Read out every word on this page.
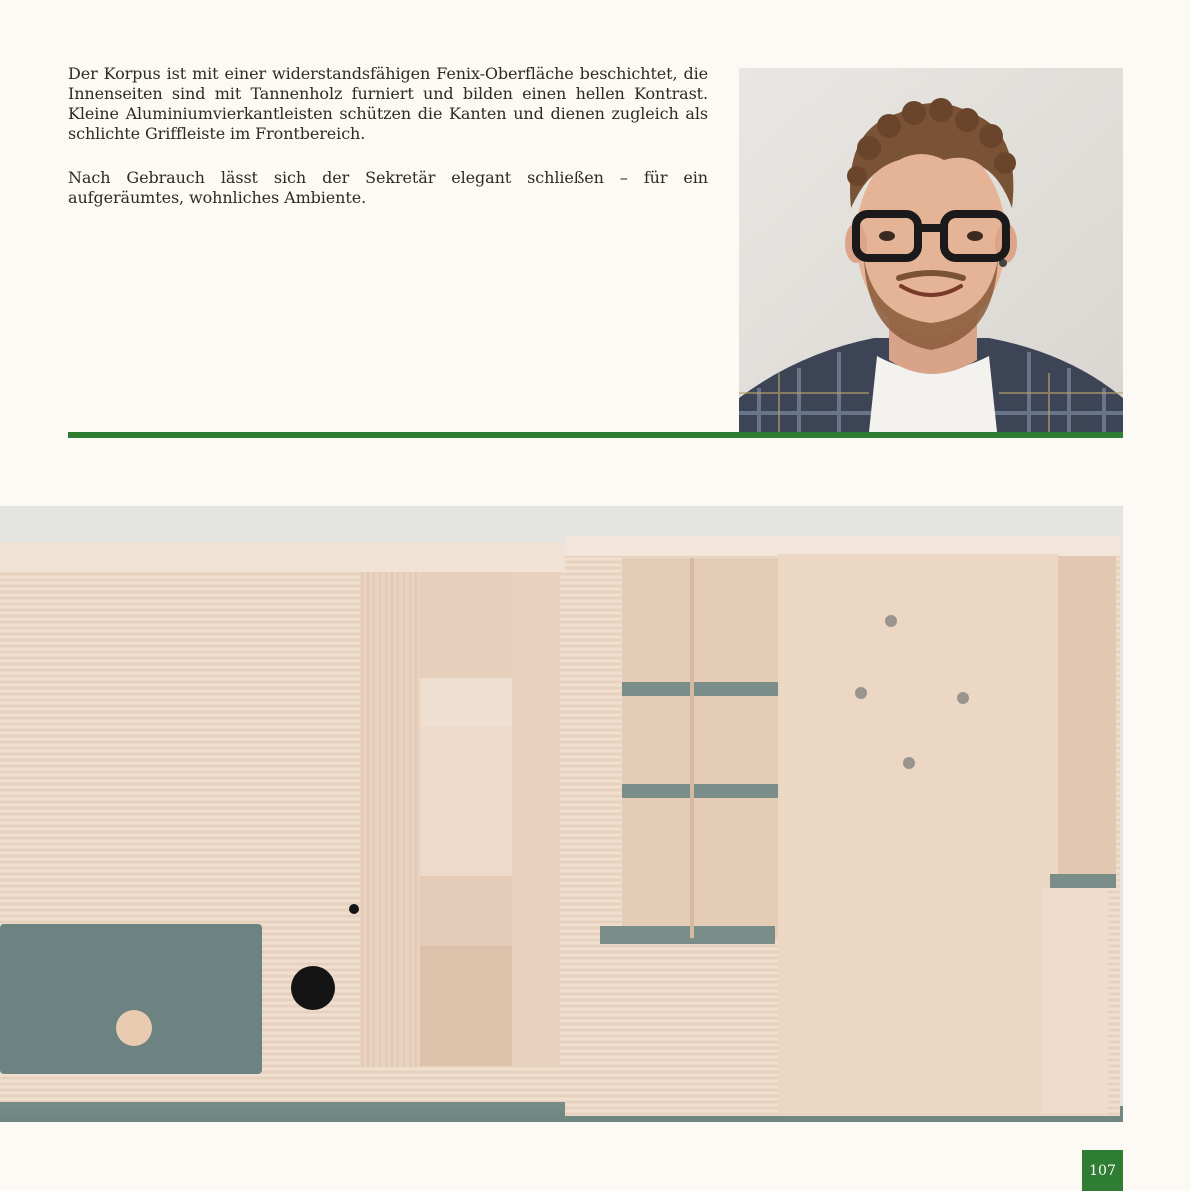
Der Korpus ist mit einer widerstandsfähigen Fenix-Oberfläche beschichtet, die Innenseiten sind mit Tannenholz furniert und bilden einen hellen Kontrast. Kleine Aluminiumvierkantleisten schützen die Kanten und dienen zugleich als schlichte Griffleiste im Frontbereich.

Nach Gebrauch lässt sich der Sekretär elegant schließen – für ein aufgeräumtes, wohnliches Ambiente.

107
